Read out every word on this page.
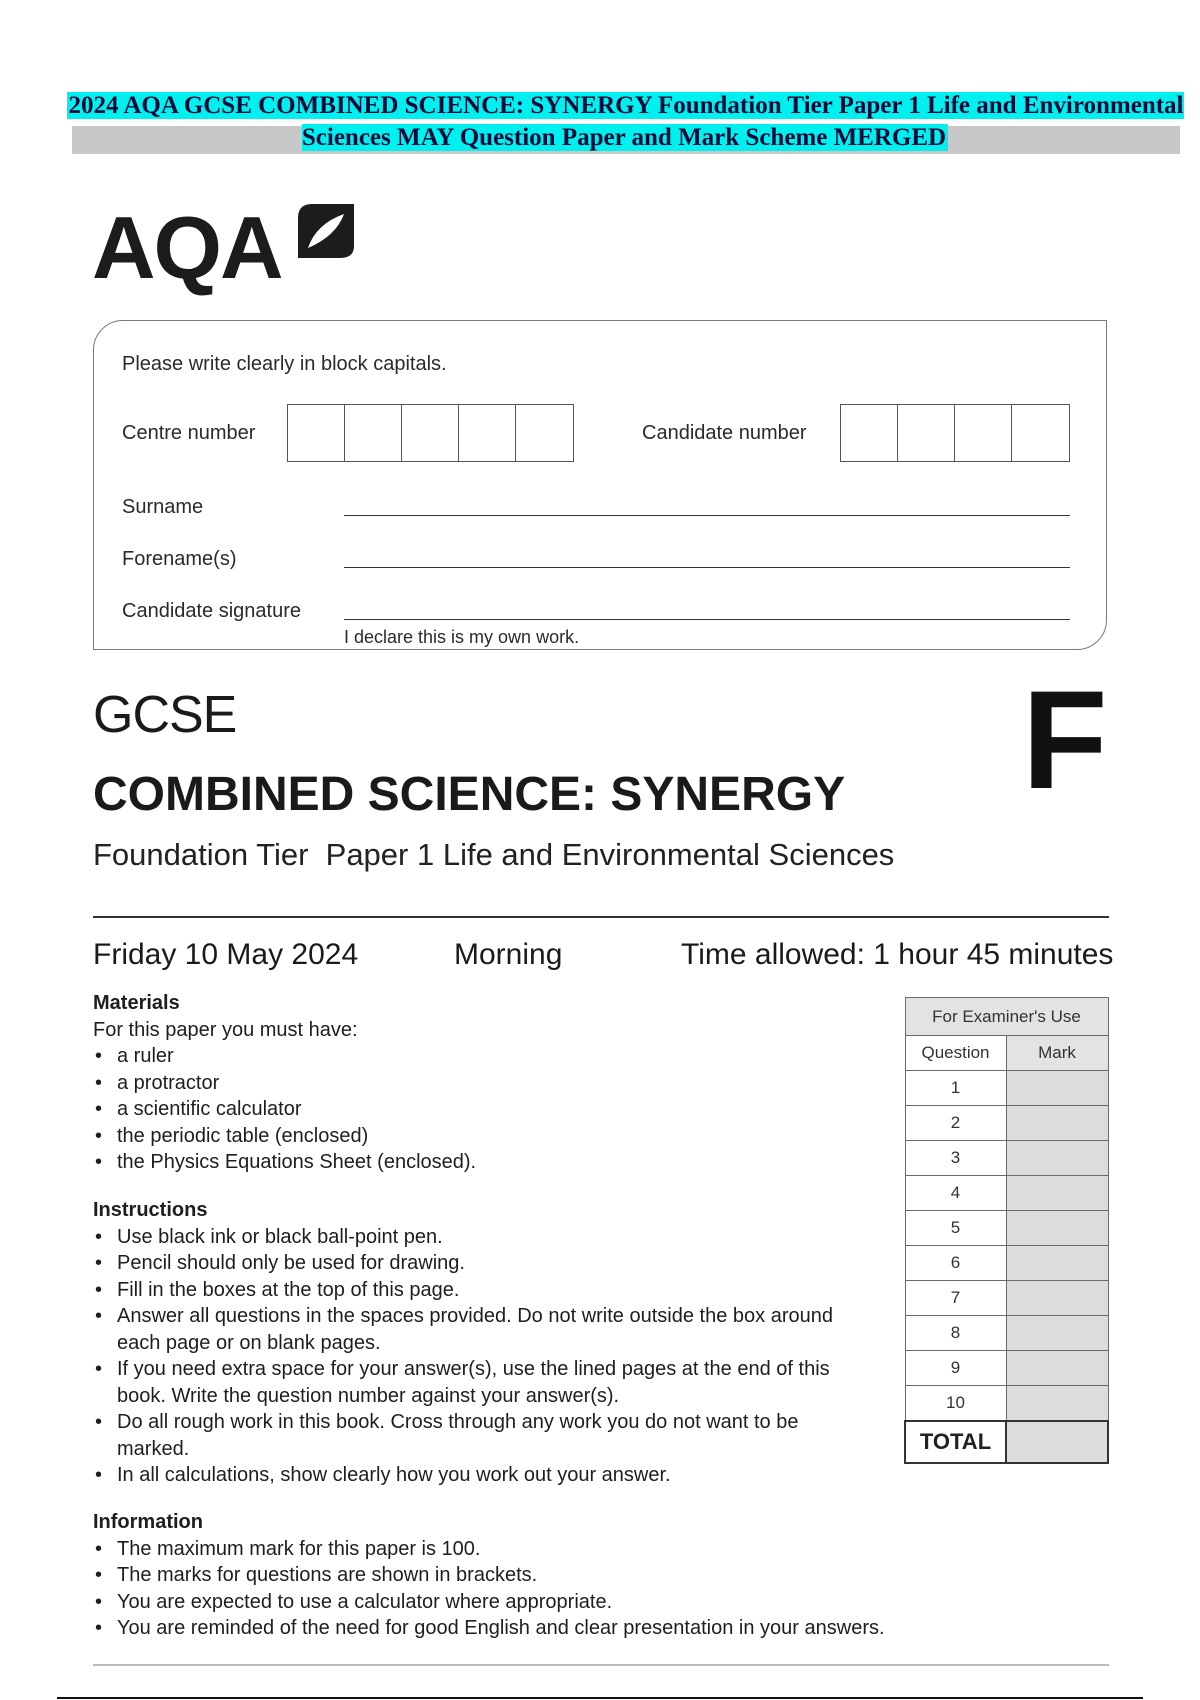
2024 AQA GCSE COMBINED SCIENCE: SYNERGY Foundation Tier Paper 1 Life and Environmental Sciences MAY Question Paper and Mark Scheme MERGED
AQA
Please write clearly in block capitals.
Centre number	Candidate number
Surname
Forename(s)
Candidate signature
I declare this is my own work.
GCSE	F
COMBINED SCIENCE: SYNERGY
Foundation Tier  Paper 1 Life and Environmental Sciences
Friday 10 May 2024	Morning	Time allowed: 1 hour 45 minutes
Materials
For this paper you must have:
• a ruler
• a protractor
• a scientific calculator
• the periodic table (enclosed)
• the Physics Equations Sheet (enclosed).
Instructions
• Use black ink or black ball-point pen.
• Pencil should only be used for drawing.
• Fill in the boxes at the top of this page.
• Answer all questions in the spaces provided. Do not write outside the box around each page or on blank pages.
• If you need extra space for your answer(s), use the lined pages at the end of this book. Write the question number against your answer(s).
• Do all rough work in this book. Cross through any work you do not want to be marked.
• In all calculations, show clearly how you work out your answer.
Information
• The maximum mark for this paper is 100.
• The marks for questions are shown in brackets.
• You are expected to use a calculator where appropriate.
• You are reminded of the need for good English and clear presentation in your answers.
For Examiner's Use	
Question	Mark
1	
2	
3	
4	
5	
6	
7	
8	
9	
10	
TOTAL	
